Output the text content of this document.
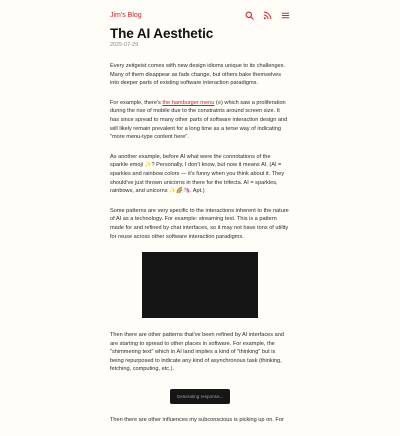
Jim's Blog
The AI Aesthetic
2025-07-29

Every zeitgeist comes with new design idioms unique to its challenges. Many of them disappear as fads change, but others bake themselves into deeper parts of existing software interaction paradigms.

For example, there's the hamburger menu (≡) which saw a proliferation during the rise of mobile due to the constraints around screen size. It has since spread to many other parts of software interaction design and will likely remain prevalent for a long time as a terse way of indicating "more menu-type content here".

As another example, before AI what were the connotations of the sparkle emoji ✨? Personally, I don't know, but now it means AI. (AI = sparkles and rainbow colors — it's funny when you think about it. They should've just thrown unicorns in there for the trifecta. AI = sparkles, rainbows, and unicorns ✨🌈🦄. Apt.)

Some patterns are very specific to the interactions inherent to the nature of AI as a technology. For example: streaming text. This is a pattern made for and refined by chat interfaces, so it may not have tons of utility for reuse across other software interaction paradigms.

Then there are other patterns that've been refined by AI interfaces and are starting to spread to other places in software. For example, the "shimmering text" which in AI land implies a kind of "thinking" but is being repurposed to indicate any kind of asynchronous task (thinking, fetching, computing, etc.).

Generating response...

Then there are other influences my subconscious is picking up on. For
